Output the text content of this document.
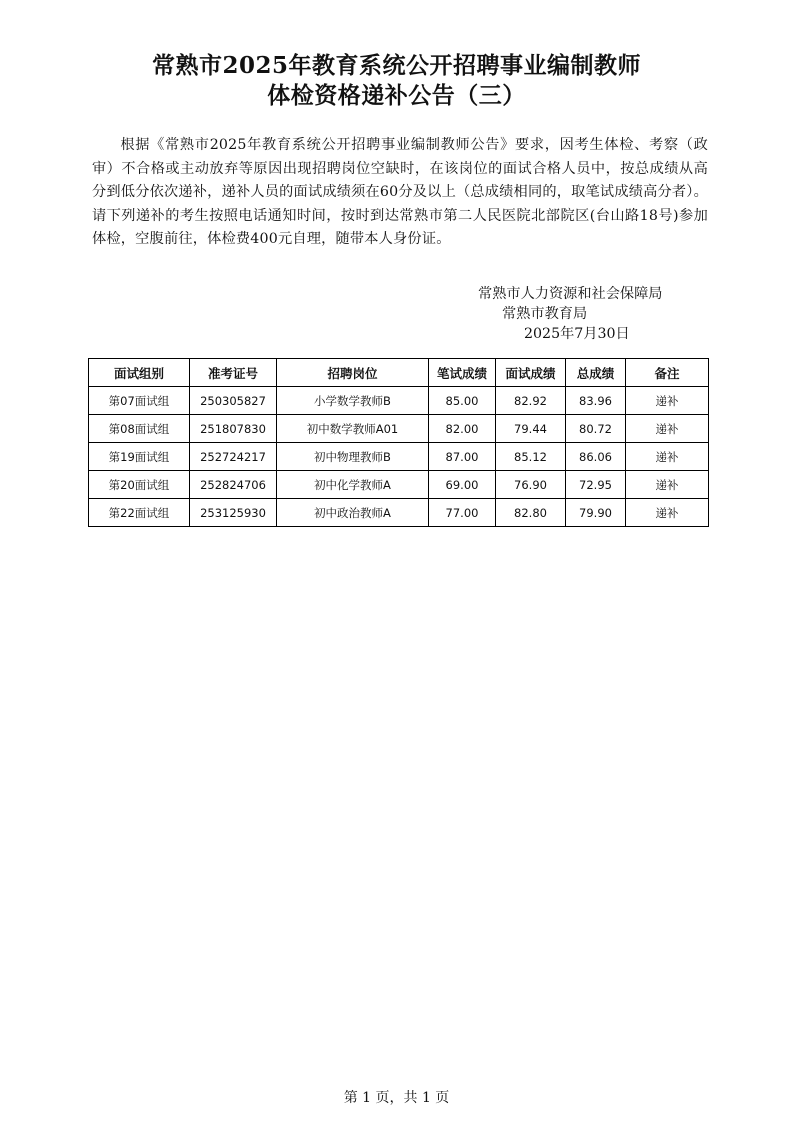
常熟市2025年教育系统公开招聘事业编制教师
体检资格递补公告（三）
根据《常熟市2025年教育系统公开招聘事业编制教师公告》要求，因考生体检、考察（政审）不合格或主动放弃等原因出现招聘岗位空缺时，在该岗位的面试合格人员中，按总成绩从高分到低分依次递补，递补人员的面试成绩须在60分及以上（总成绩相同的，取笔试成绩高分者）。请下列递补的考生按照电话通知时间，按时到达常熟市第二人民医院北部院区(台山路18号)参加体检，空腹前往，体检费400元自理，随带本人身份证。
常熟市人力资源和社会保障局
常熟市教育局
2025年7月30日
面试组别	准考证号	招聘岗位	笔试成绩	面试成绩	总成绩	备注
第07面试组	250305827	小学数学教师B	85.00	82.92	83.96	递补
第08面试组	251807830	初中数学教师A01	82.00	79.44	80.72	递补
第19面试组	252724217	初中物理教师B	87.00	85.12	86.06	递补
第20面试组	252824706	初中化学教师A	69.00	76.90	72.95	递补
第22面试组	253125930	初中政治教师A	77.00	82.80	79.90	递补
第 1 页，共 1 页
